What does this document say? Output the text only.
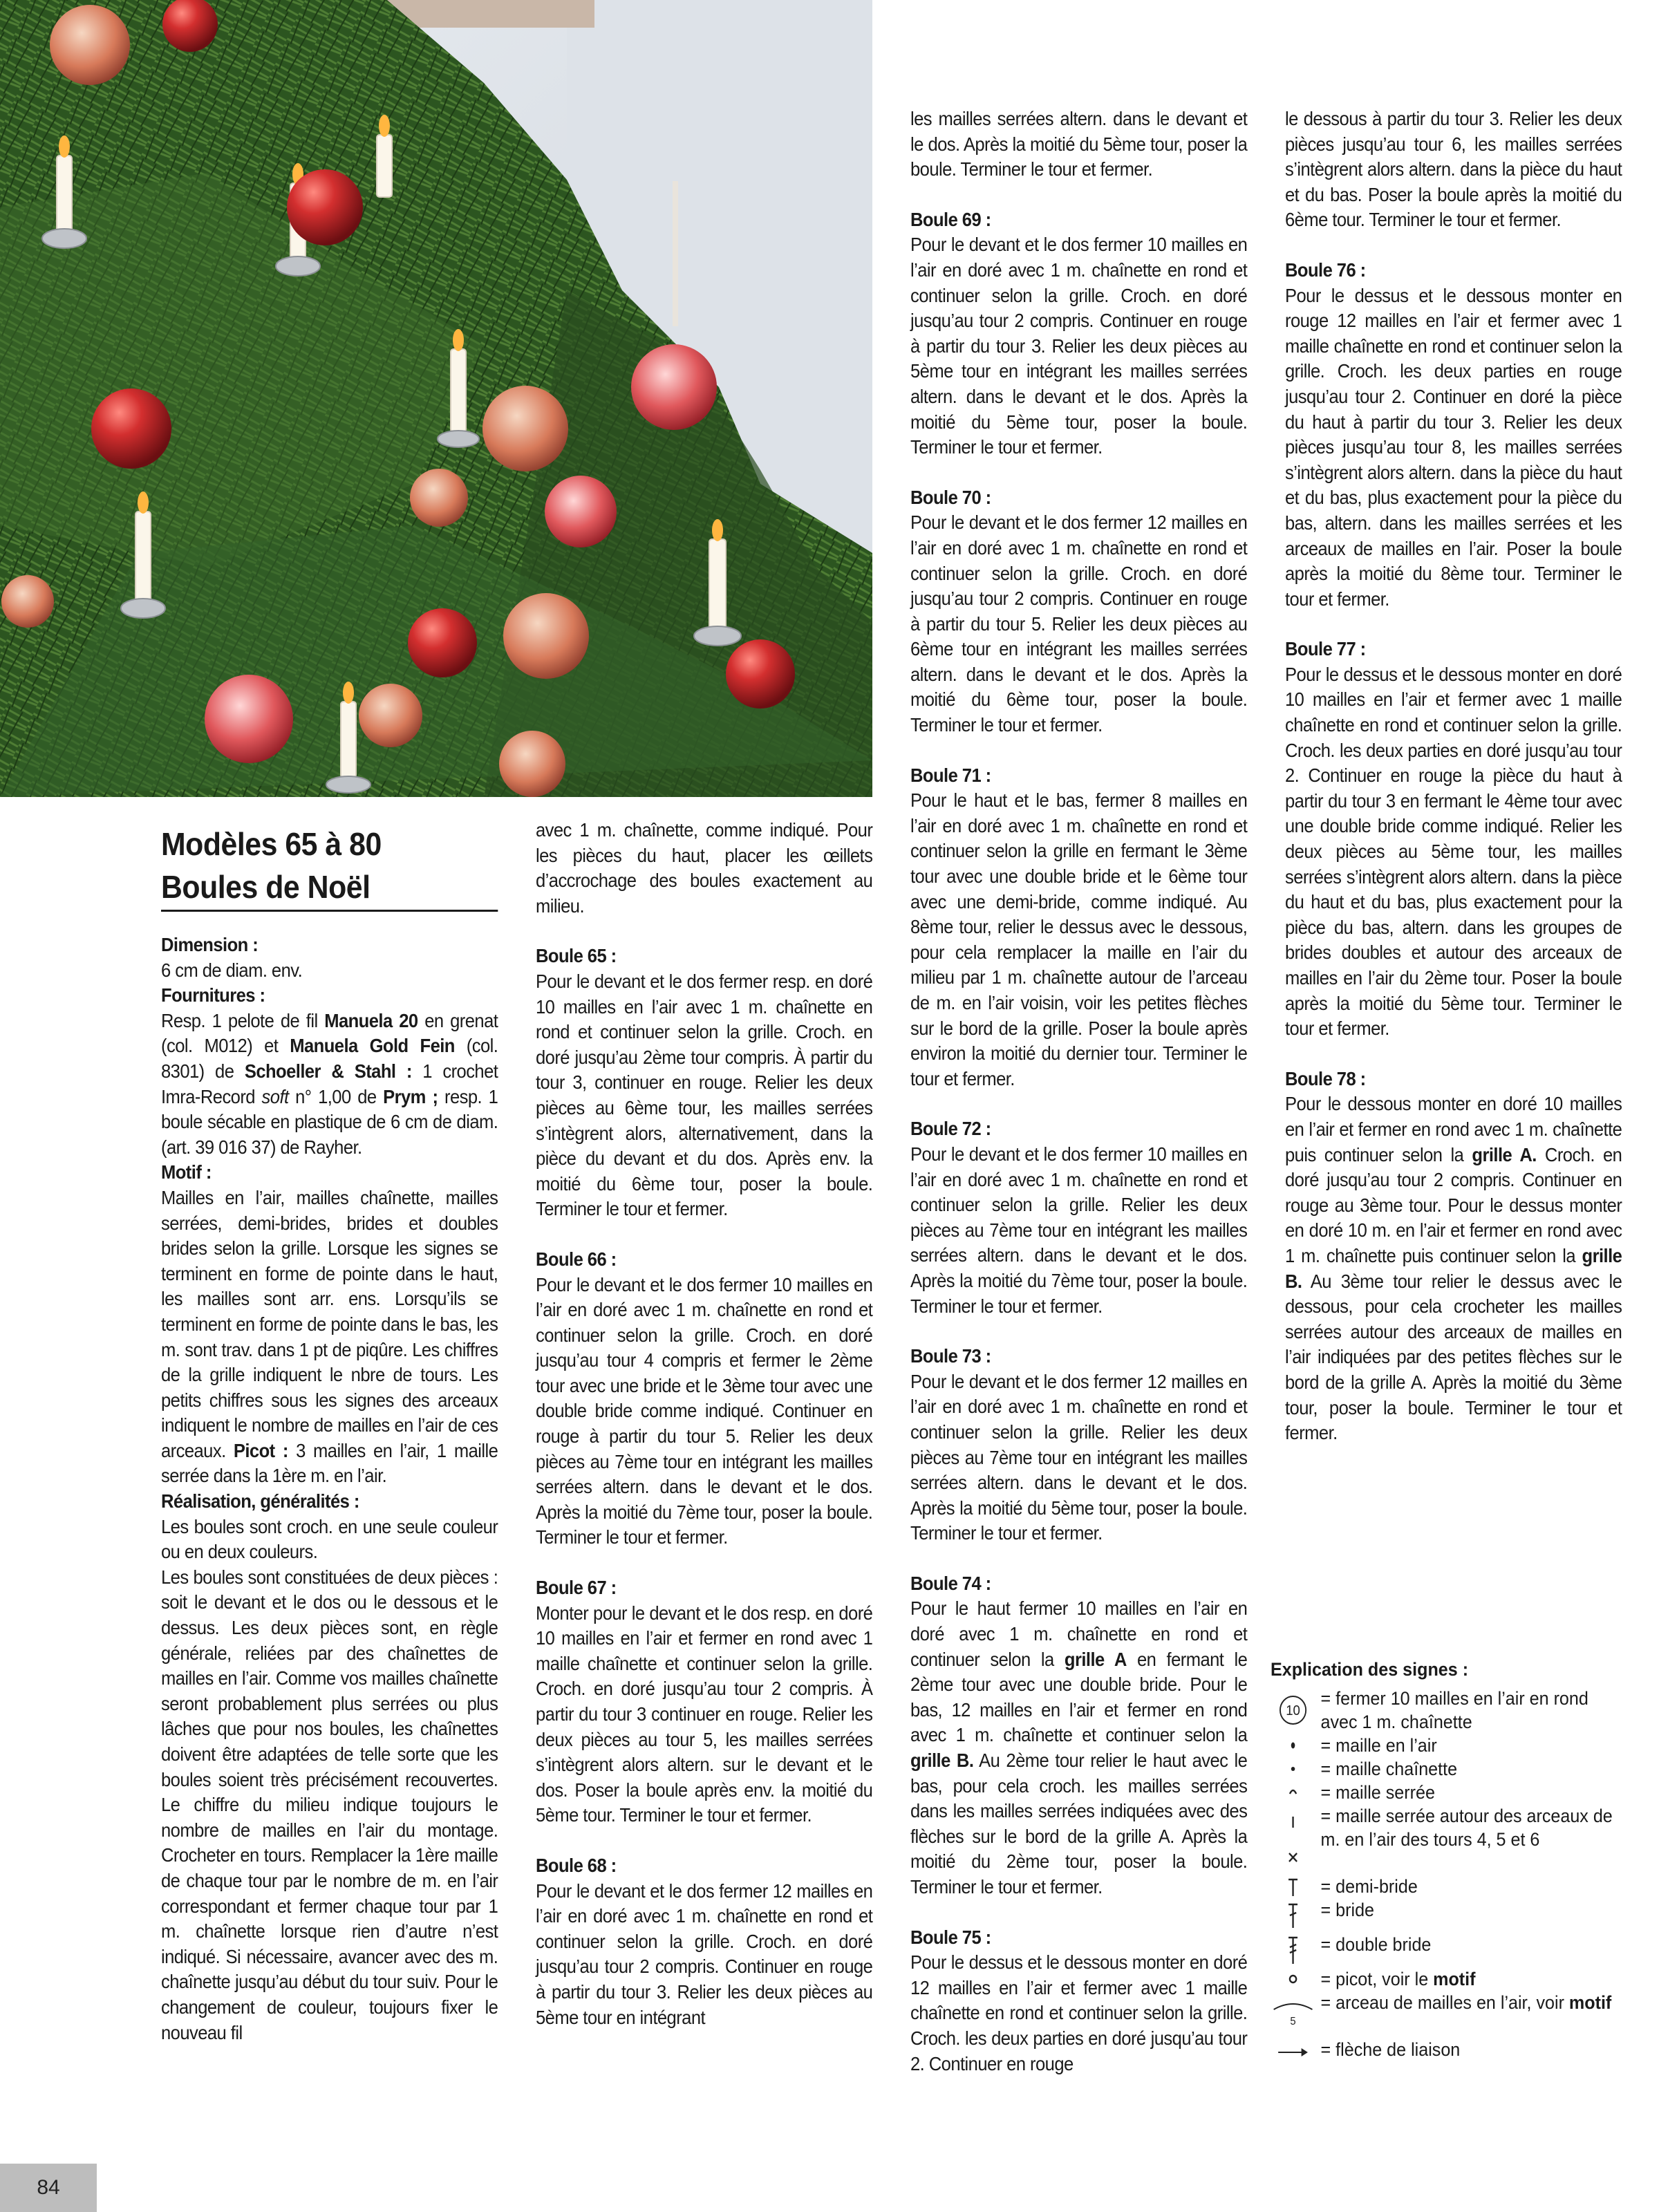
Modèles 65 à 80
Boules de Noël

Dimension :

6 cm de diam. env.

Fournitures :

Resp. 1 pelote de fil Manuela 20 en grenat (col. M012) et Manuela Gold Fein (col. 8301) de Schoeller & Stahl : 1 crochet Imra-Record soft n° 1,00 de Prym ; resp. 1 boule sécable en plastique de 6 cm de diam. (art. 39 016 37) de Rayher.

Motif :

Mailles en l’air, mailles chaînette, mailles serrées, demi-brides, brides et doubles brides selon la grille. Lorsque les signes se terminent en forme de pointe dans le haut, les mailles sont arr. ens. Lorsqu’ils se terminent en forme de pointe dans le bas, les m. sont trav. dans 1 pt de piqûre. Les chiffres de la grille indiquent le nbre de tours. Les petits chiffres sous les signes des arceaux indiquent le nombre de mailles en l’air de ces arceaux. Picot : 3 mailles en l’air, 1 maille serrée dans la 1ère m. en l’air.

Réalisation, généralités :

Les boules sont croch. en une seule couleur ou en deux couleurs.

Les boules sont constituées de deux pièces : soit le devant et le dos ou le dessous et le dessus. Les deux pièces sont, en règle générale, reliées par des chaînettes de mailles en l’air. Comme vos mailles chaînette seront probablement plus serrées ou plus lâches que pour nos boules, les chaînettes doivent être adaptées de telle sorte que les boules soient très précisément recouvertes. Le chiffre du milieu indique toujours le nombre de mailles en l’air du montage. Crocheter en tours. Remplacer la 1ère maille de chaque tour par le nombre de m. en l’air correspondant et fermer chaque tour par 1 m. chaînette lorsque rien d’autre n’est indiqué. Si nécessaire, avancer avec des m. chaînette jusqu’au début du tour suiv. Pour le changement de couleur, toujours fixer le nouveau fil

avec 1 m. chaînette, comme indiqué. Pour les pièces du haut, placer les œillets d’accrochage des boules exactement au milieu.

Boule 65 :

Pour le devant et le dos fermer resp. en doré 10 mailles en l’air avec 1 m. chaînette en rond et continuer selon la grille. Croch. en doré jusqu’au 2ème tour compris. À partir du tour 3, continuer en rouge. Relier les deux pièces au 6ème tour, les mailles serrées s’intègrent alors, alternativement, dans la pièce du devant et du dos. Après env. la moitié du 6ème tour, poser la boule. Terminer le tour et fermer.

Boule 66 :

Pour le devant et le dos fermer 10 mailles en l’air en doré avec 1 m. chaînette en rond et continuer selon la grille. Croch. en doré jusqu’au tour 4 compris et fermer le 2ème tour avec une bride et le 3ème tour avec une double bride comme indiqué. Continuer en rouge à partir du tour 5. Relier les deux pièces au 7ème tour en intégrant les mailles serrées altern. dans le devant et le dos. Après la moitié du 7ème tour, poser la boule. Terminer le tour et fermer.

Boule 67 :

Monter pour le devant et le dos resp. en doré 10 mailles en l’air et fermer en rond avec 1 maille chaînette et continuer selon la grille. Croch. en doré jusqu’au tour 2 compris. À partir du tour 3 continuer en rouge. Relier les deux pièces au tour 5, les mailles serrées s’intègrent alors altern. sur le devant et le dos. Poser la boule après env. la moitié du 5ème tour. Terminer le tour et fermer.

Boule 68 :

Pour le devant et le dos fermer 12 mailles en l’air en doré avec 1 m. chaînette en rond et continuer selon la grille. Croch. en doré jusqu’au tour 2 compris. Continuer en rouge à partir du tour 3. Relier les deux pièces au 5ème tour en intégrant

les mailles serrées altern. dans le devant et le dos. Après la moitié du 5ème tour, poser la boule. Terminer le tour et fermer.

Boule 69 :

Pour le devant et le dos fermer 10 mailles en l’air en doré avec 1 m. chaînette en rond et continuer selon la grille. Croch. en doré jusqu’au tour 2 compris. Continuer en rouge à partir du tour 3. Relier les deux pièces au 5ème tour en intégrant les mailles serrées altern. dans le devant et le dos. Après la moitié du 5ème tour, poser la boule. Terminer le tour et fermer.

Boule 70 :

Pour le devant et le dos fermer 12 mailles en l’air en doré avec 1 m. chaînette en rond et continuer selon la grille. Croch. en doré jusqu’au tour 2 compris. Continuer en rouge à partir du tour 5. Relier les deux pièces au 6ème tour en intégrant les mailles serrées altern. dans le devant et le dos. Après la moitié du 6ème tour, poser la boule. Terminer le tour et fermer.

Boule 71 :

Pour le haut et le bas, fermer 8 mailles en l’air en doré avec 1 m. chaînette en rond et continuer selon la grille en fermant le 3ème tour avec une double bride et le 6ème tour avec une demi-bride, comme indiqué. Au 8ème tour, relier le dessus avec le dessous, pour cela remplacer la maille en l’air du milieu par 1 m. chaînette autour de l’arceau de m. en l’air voisin, voir les petites flèches sur le bord de la grille. Poser la boule après environ la moitié du dernier tour. Terminer le tour et fermer.

Boule 72 :

Pour le devant et le dos fermer 10 mailles en l’air en doré avec 1 m. chaînette en rond et continuer selon la grille. Relier les deux pièces au 7ème tour en intégrant les mailles serrées altern. dans le devant et le dos. Après la moitié du 7ème tour, poser la boule. Terminer le tour et fermer.

Boule 73 :

Pour le devant et le dos fermer 12 mailles en l’air en doré avec 1 m. chaînette en rond et continuer selon la grille. Relier les deux pièces au 7ème tour en intégrant les mailles serrées altern. dans le devant et le dos. Après la moitié du 5ème tour, poser la boule. Terminer le tour et fermer.

Boule 74 :

Pour le haut fermer 10 mailles en l’air en doré avec 1 m. chaînette en rond et continuer selon la grille A en fermant le 2ème tour avec une double bride. Pour le bas, 12 mailles en l’air et fermer en rond avec 1 m. chaînette et continuer selon la grille B. Au 2ème tour relier le haut avec le bas, pour cela croch. les mailles serrées dans les mailles serrées indiquées avec des flèches sur le bord de la grille A. Après la moitié du 2ème tour, poser la boule. Terminer le tour et fermer.

Boule 75 :

Pour le dessus et le dessous monter en doré 12 mailles en l’air et fermer avec 1 maille chaînette en rond et continuer selon la grille. Croch. les deux parties en doré jusqu’au tour 2. Continuer en rouge

le dessous à partir du tour 3. Relier les deux pièces jusqu’au tour 6, les mailles serrées s’intègrent alors altern. dans la pièce du haut et du bas. Poser la boule après la moitié du 6ème tour. Terminer le tour et fermer.

Boule 76 :

Pour le dessus et le dessous monter en rouge 12 mailles en l’air et fermer avec 1 maille chaînette en rond et continuer selon la grille. Croch. les deux parties en rouge jusqu’au tour 2. Continuer en doré la pièce du haut à partir du tour 3. Relier les deux pièces jusqu’au tour 8, les mailles serrées s’intègrent alors altern. dans la pièce du haut et du bas, plus exactement pour la pièce du bas, altern. dans les mailles serrées et les arceaux de mailles en l’air. Poser la boule après la moitié du 8ème tour. Terminer le tour et fermer.

Boule 77 :

Pour le dessus et le dessous monter en doré 10 mailles en l’air et fermer avec 1 maille chaînette en rond et continuer selon la grille. Croch. les deux parties en doré jusqu’au tour 2. Continuer en rouge la pièce du haut à partir du tour 3 en fermant le 4ème tour avec une double bride comme indiqué. Relier les deux pièces au 5ème tour, les mailles serrées s’intègrent alors altern. dans la pièce du haut et du bas, plus exactement pour la pièce du bas, altern. dans les groupes de brides doubles et autour des arceaux de mailles en l’air du 2ème tour. Poser la boule après la moitié du 5ème tour. Terminer le tour et fermer.

Boule 78 :

Pour le dessous monter en doré 10 mailles en l’air et fermer en rond avec 1 m. chaînette puis continuer selon la grille A. Croch. en doré jusqu’au tour 2 compris. Continuer en rouge au 3ème tour. Pour le dessus monter en doré 10 m. en l’air et fermer en rond avec 1 m. chaînette puis continuer selon la grille B. Au 3ème tour relier le dessus avec le dessous, pour cela crocheter les mailles serrées autour des arceaux de mailles en l’air indiquées par des petites flèches sur le bord de la grille A. Après la moitié du 3ème tour, poser la boule. Terminer le tour et fermer.

Explication des signes :
10
= fermer 10 mailles en l’air en rond avec 1 m. chaînette
= maille en l’air
= maille chaînette
= maille serrée
= maille serrée autour des arceaux de m. en l’air des tours 4, 5 et 6
= demi-bride
= bride
= double bride
= picot, voir le motif
5
= arceau de mailles en l’air, voir motif
= flèche de liaison
84
